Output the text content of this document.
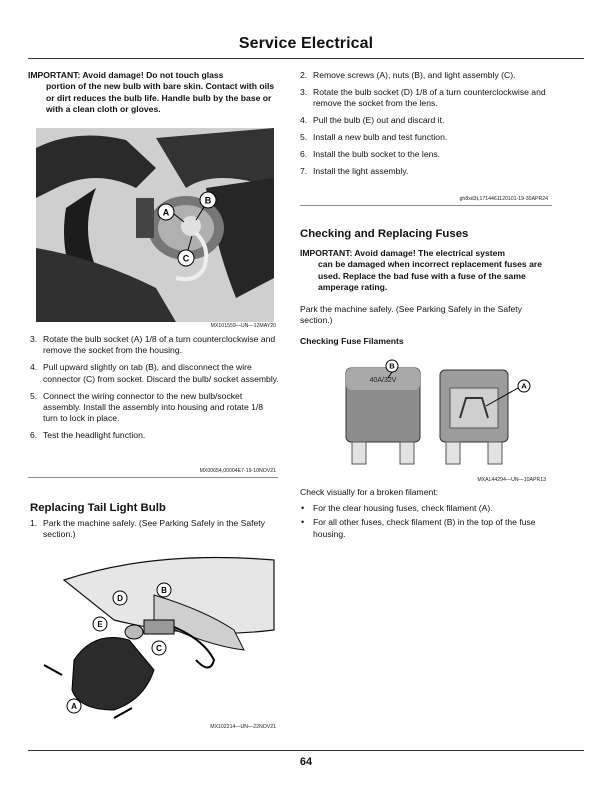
Service Electrical
IMPORTANT: Avoid damage! Do not touch glass
portion of the new bulb with bare skin. Contact with oils or dirt reduces the bulb life. Handle bulb by the base or with a clean cloth or gloves.
A
B
C
MX101559—UN—12MAY20
3. Rotate the bulb socket (A) 1/8 of a turn counterclockwise and remove the socket from the housing.
4. Pull upward slightly on tab (B), and disconnect the wire connector (C) from socket. Discard the bulb/ socket assembly.
5. Connect the wiring connector to the new bulb/socket assembly. Install the assembly into housing and rotate 1/8 turn to lock in place.
6. Test the headlight function.
MX00654,00004E7-19-10NOV21
Replacing Tail Light Bulb
1. Park the machine safely. (See Parking Safely in the Safety section.)
A
B
C
D
E
MX102214—UN—22NOV21
2. Remove screws (A), nuts (B), and light assembly (C).
3. Rotate the bulb socket (D) 1/8 of a turn counterclockwise and remove the socket from the lens.
4. Pull the bulb (E) out and discard it.
5. Install a new bulb and test function.
6. Install the bulb socket to the lens.
7. Install the light assembly.
gh8xd3t,1714461120101-19-30APR24
Checking and Replacing Fuses
IMPORTANT: Avoid damage! The electrical system
can be damaged when incorrect replacement fuses are used. Replace the bad fuse with a fuse of the same amperage rating.
Park the machine safely. (See Parking Safely in the Safety section.)
Checking Fuse Filaments
40A/32V
B
A
MXAL44294—UN—10APR13
Check visually for a broken filament:
• For the clear housing fuses, check filament (A).
• For all other fuses, check filament (B) in the top of the fuse housing.
64
